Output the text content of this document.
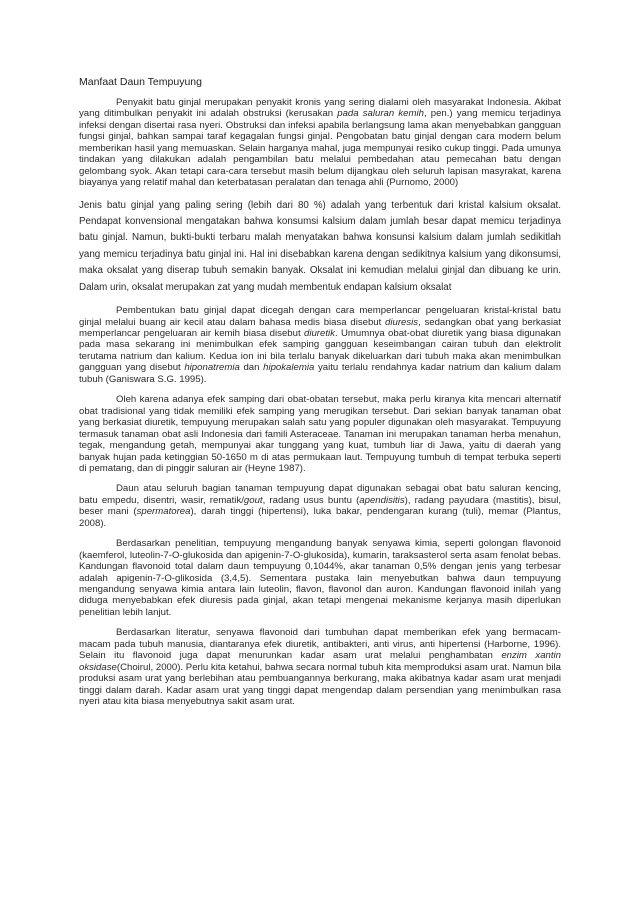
Manfaat Daun Tempuyung
Penyakit batu ginjal merupakan penyakit kronis yang sering dialami oleh masyarakat Indonesia. Akibat yang ditimbulkan penyakit ini adalah obstruksi (kerusakan pada saluran kemih, pen.) yang memicu terjadinya infeksi dengan disertai rasa nyeri. Obstruksi dan infeksi apabila berlangsung lama akan menyebabkan gangguan fungsi ginjal, bahkan sampai taraf kegagalan fungsi ginjal. Pengobatan batu ginjal dengan cara modern belum memberikan hasil yang memuaskan. Selain harganya mahal, juga mempunyai resiko cukup tinggi. Pada umunya tindakan yang dilakukan adalah pengambilan batu melalui pembedahan atau pemecahan batu dengan gelombang syok. Akan tetapi cara-cara tersebut masih belum dijangkau oleh seluruh lapisan masyrakat, karena biayanya yang relatif mahal dan keterbatasan peralatan dan tenaga ahli (Purnomo, 2000)
Jenis batu ginjal yang paling sering (lebih dari 80 %) adalah yang terbentuk dari kristal kalsium oksalat. Pendapat konvensional mengatakan bahwa konsumsi kalsium dalam jumlah besar dapat memicu terjadinya batu ginjal. Namun, bukti-bukti terbaru malah menyatakan bahwa konsunsi kalsium dalam jumlah sedikitlah yang memicu terjadinya batu ginjal ini. Hal ini disebabkan karena dengan sedikitnya kalsium yang dikonsumsi, maka oksalat yang diserap tubuh semakin banyak. Oksalat ini kemudian melalui ginjal dan dibuang ke urin. Dalam urin, oksalat merupakan zat yang mudah membentuk endapan kalsium oksalat
Pembentukan batu ginjal dapat dicegah dengan cara memperlancar pengeluaran kristal-kristal batu ginjal melalui buang air kecil atau dalam bahasa medis biasa disebut diuresis, sedangkan obat yang berkasiat memperlancar pengeluaran air kemih biasa disebut diuretik. Umumnya obat-obat diuretik yang biasa digunakan pada masa sekarang ini menimbulkan efek samping gangguan keseimbangan cairan tubuh dan elektrolit terutama natrium dan kalium. Kedua ion ini bila terlalu banyak dikeluarkan dari tubuh maka akan menimbulkan gangguan yang disebut hiponatremia dan hipokalemia yaitu terlalu rendahnya kadar natrium dan kalium dalam tubuh (Ganiswara S.G. 1995).
Oleh karena adanya efek samping dari obat-obatan tersebut, maka perlu kiranya kita mencari alternatif obat tradisional yang tidak memiliki efek samping yang merugikan tersebut. Dari sekian banyak tanaman obat yang berkasiat diuretik, tempuyung merupakan salah satu yang populer digunakan oleh masyarakat. Tempuyung termasuk tanaman obat asli Indonesia dari famili Asteraceae. Tanaman ini merupakan tanaman herba menahun, tegak, mengandung getah, mempunyai akar tunggang yang kuat, tumbuh liar di Jawa, yaitu di daerah yang banyak hujan pada ketinggian 50-1650 m di atas permukaan laut. Tempuyung tumbuh di tempat terbuka seperti di pematang, dan di pinggir saluran air (Heyne 1987).
Daun atau seluruh bagian tanaman tempuyung dapat digunakan sebagai obat batu saluran kencing, batu empedu, disentri, wasir, rematik/gout, radang usus buntu (apendisitis), radang payudara (mastitis), bisul, beser mani (spermatorea), darah tinggi (hipertensi), luka bakar, pendengaran kurang (tuli), memar (Plantus, 2008).
Berdasarkan penelitian, tempuyung mengandung banyak senyawa kimia, seperti golongan flavonoid (kaemferol, luteolin-7-O-glukosida dan apigenin-7-O-glukosida), kumarin, taraksasterol serta asam fenolat bebas. Kandungan flavonoid total dalam daun tempuyung 0,1044%, akar tanaman 0,5% dengan jenis yang terbesar adalah apigenin-7-O-glikosida (3,4,5). Sementara pustaka lain menyebutkan bahwa daun tempuyung mengandung senyawa kimia antara lain luteolin, flavon, flavonol dan auron. Kandungan flavonoid inilah yang diduga menyebabkan efek diuresis pada ginjal, akan tetapi mengenai mekanisme kerjanya masih diperlukan penelitian lebih lanjut.
Berdasarkan literatur, senyawa flavonoid dari tumbuhan dapat memberikan efek yang bermacam-macam pada tubuh manusia, diantaranya efek diuretik, antibakteri, anti virus, anti hipertensi (Harborne, 1996). Selain itu flavonoid juga dapat menurunkan kadar asam urat melalui penghambatan enzim xantin oksidase(Choirul, 2000). Perlu kita ketahui, bahwa secara normal tubuh kita memproduksi asam urat. Namun bila produksi asam urat yang berlebihan atau pembuangannya berkurang, maka akibatnya kadar asam urat menjadi tinggi dalam darah. Kadar asam urat yang tinggi dapat mengendap dalam persendian yang menimbulkan rasa nyeri atau kita biasa menyebutnya sakit asam urat.
